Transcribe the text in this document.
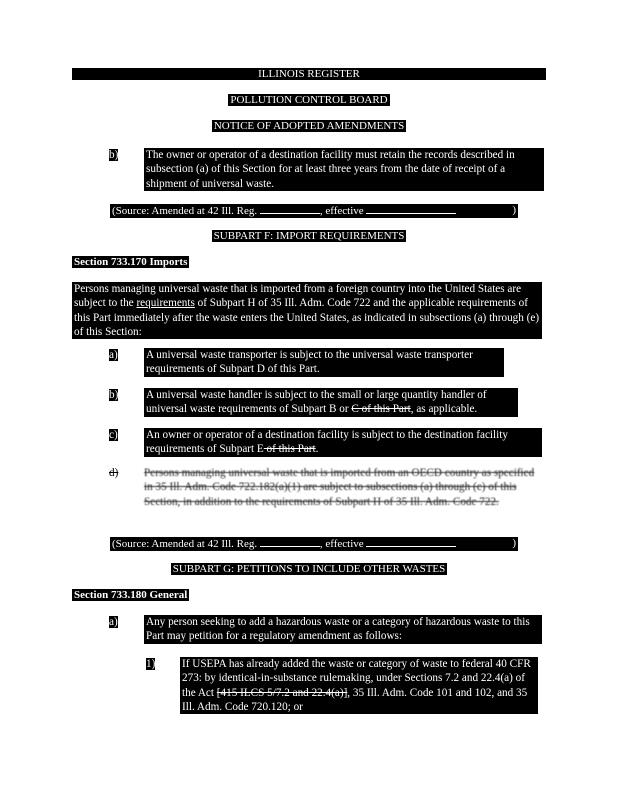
ILLINOIS REGISTER
POLLUTION CONTROL BOARD
NOTICE OF ADOPTED AMENDMENTS
b) The owner or operator of a destination facility must retain the records described in subsection (a) of this Section for at least three years from the date of receipt of a shipment of universal waste.
(Source: Amended at 42 Ill. Reg.	, effective	)
SUBPART F: IMPORT REQUIREMENTS
Section 733.170 Imports
Persons managing universal waste that is imported from a foreign country into the United States are subject to the requirements of Subpart H of 35 Ill. Adm. Code 722 and the applicable requirements of this Part immediately after the waste enters the United States, as indicated in subsections (a) through (e) of this Section:
a)	A universal waste transporter is subject to the universal waste transporter requirements of Subpart D of this Part.
b) A universal waste handler is subject to the small or large quantity handler of universal waste requirements of Subpart B or C of this Part, as applicable.
c)	An owner or operator of a destination facility is subject to the destination facility requirements of Subpart E of this Part.
d) Persons managing universal waste that is imported from an OECD country as specified in 35 Ill. Adm. Code 722.182(a)(1) are subject to subsections (a) through (c) of this Section, in addition to the requirements of Subpart H of 35 Ill. Adm. Code 722.
(Source: Amended at 42 Ill. Reg.	, effective	)
SUBPART G: PETITIONS TO INCLUDE OTHER WASTES
Section 733.180 General
a)	Any person seeking to add a hazardous waste or a category of hazardous waste to this Part may petition for a regulatory amendment as follows:
1) If USEPA has already added the waste or category of waste to federal 40 CFR 273: by identical-in-substance rulemaking, under Sections 7.2 and 22.4(a) of the Act [415 ILCS 5/7.2 and 22.4(a)], 35 Ill. Adm. Code 101 and 102, and 35 Ill. Adm. Code 720.120; or
